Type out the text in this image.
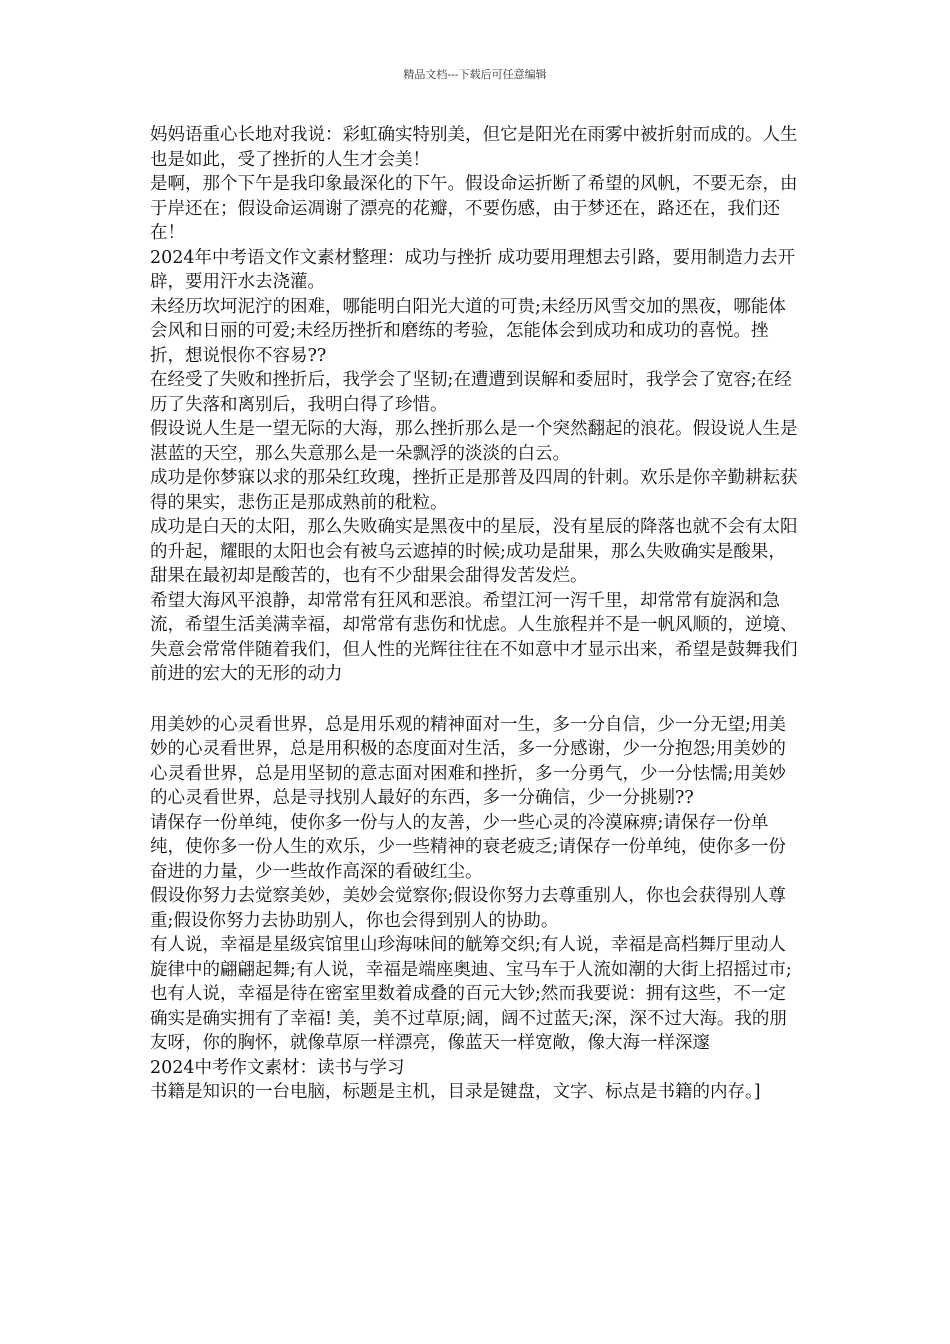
精品文档---下载后可任意编辑

妈妈语重心长地对我说：彩虹确实特别美，但它是阳光在雨雾中被折射而成的。人生也是如此，受了挫折的人生才会美！

是啊，那个下午是我印象最深化的下午。假设命运折断了希望的风帆，不要无奈，由于岸还在；假设命运凋谢了漂亮的花瓣，不要伤感，由于梦还在，路还在，我们还在！

2024年中考语文作文素材整理：成功与挫折 成功要用理想去引路，要用制造力去开辟，要用汗水去浇灌。

未经历坎坷泥泞的困难，哪能明白阳光大道的可贵;未经历风雪交加的黑夜，哪能体会风和日丽的可爱;未经历挫折和磨练的考验，怎能体会到成功和成功的喜悦。挫折，想说恨你不容易??

在经受了失败和挫折后，我学会了坚韧;在遭遭到误解和委屈时，我学会了宽容;在经历了失落和离别后，我明白得了珍惜。

假设说人生是一望无际的大海，那么挫折那么是一个突然翻起的浪花。假设说人生是湛蓝的天空，那么失意那么是一朵飘浮的淡淡的白云。

成功是你梦寐以求的那朵红玫瑰，挫折正是那普及四周的针刺。欢乐是你辛勤耕耘获得的果实，悲伤正是那成熟前的秕粒。

成功是白天的太阳，那么失败确实是黑夜中的星辰，没有星辰的降落也就不会有太阳的升起，耀眼的太阳也会有被乌云遮掉的时候;成功是甜果，那么失败确实是酸果，甜果在最初却是酸苦的，也有不少甜果会甜得发苦发烂。

希望大海风平浪静，却常常有狂风和恶浪。希望江河一泻千里，却常常有旋涡和急流，希望生活美满幸福，却常常有悲伤和忧虑。人生旅程并不是一帆风顺的，逆境、失意会常常伴随着我们，但人性的光辉往往在不如意中才显示出来，希望是鼓舞我们前进的宏大的无形的动力

用美妙的心灵看世界，总是用乐观的精神面对一生，多一分自信，少一分无望;用美妙的心灵看世界，总是用积极的态度面对生活，多一分感谢，少一分抱怨;用美妙的心灵看世界，总是用坚韧的意志面对困难和挫折，多一分勇气，少一分怯懦;用美妙的心灵看世界，总是寻找别人最好的东西，多一分确信，少一分挑剔??

请保存一份单纯，使你多一份与人的友善，少一些心灵的冷漠麻痹;请保存一份单纯，使你多一份人生的欢乐，少一些精神的衰老疲乏;请保存一份单纯，使你多一份奋进的力量，少一些故作高深的看破红尘。

假设你努力去觉察美妙，美妙会觉察你;假设你努力去尊重别人，你也会获得别人尊重;假设你努力去协助别人，你也会得到别人的协助。

有人说，幸福是星级宾馆里山珍海味间的觥筹交织;有人说，幸福是高档舞厅里动人旋律中的翩翩起舞;有人说，幸福是端座奥迪、宝马车于人流如潮的大街上招摇过市;也有人说，幸福是待在密室里数着成叠的百元大钞;然而我要说：拥有这些，不一定确实是确实拥有了幸福! 美，美不过草原;阔，阔不过蓝天;深，深不过大海。我的朋友呀，你的胸怀，就像草原一样漂亮，像蓝天一样宽敞，像大海一样深邃

2024中考作文素材：读书与学习

书籍是知识的一台电脑，标题是主机，目录是键盘，文字、标点是书籍的内存。]
